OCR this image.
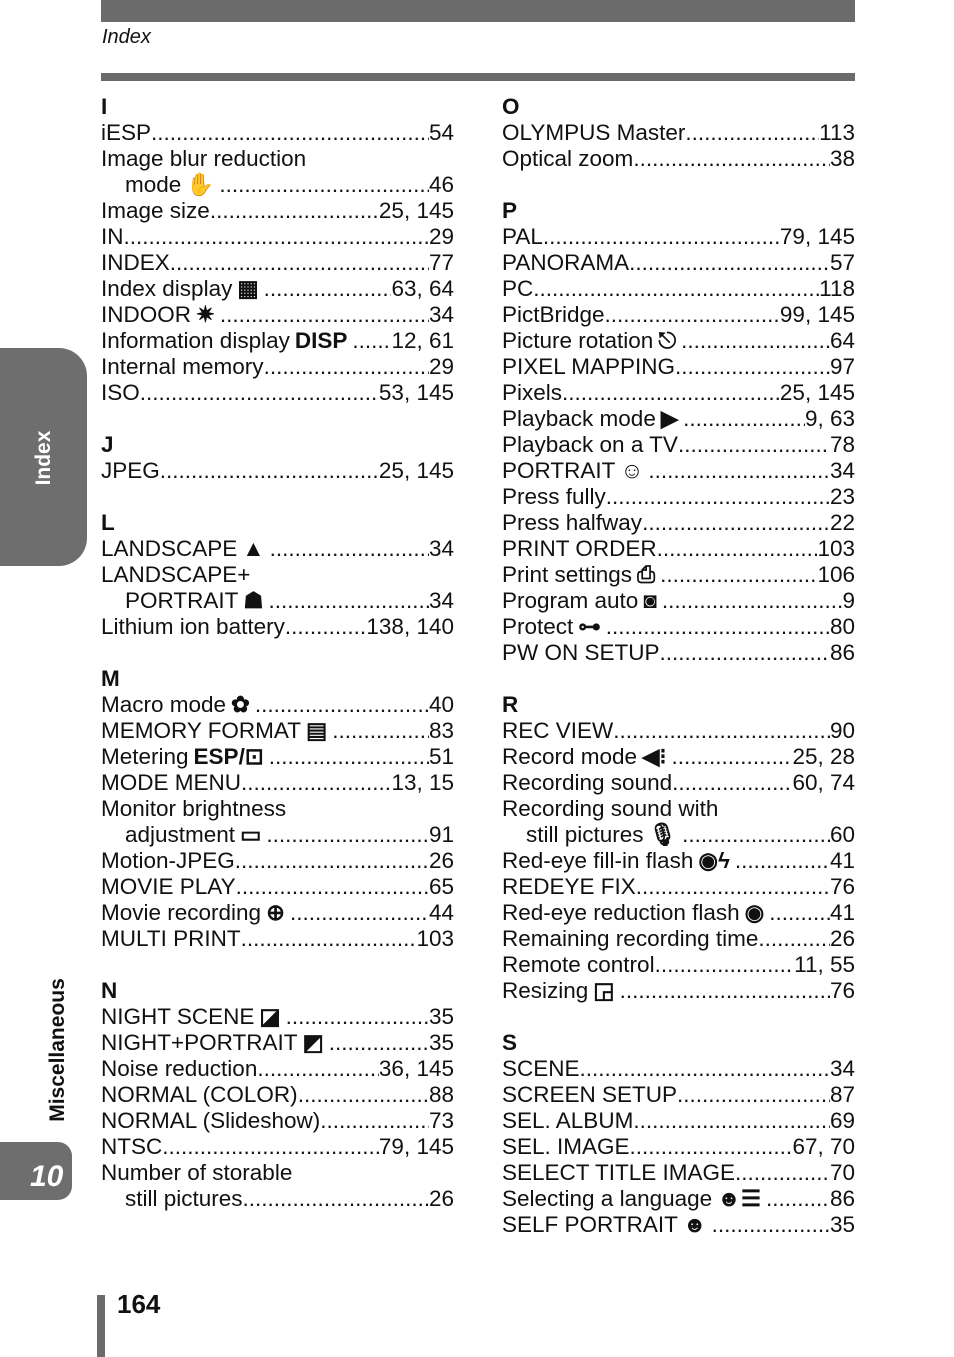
Index
I
iESP .....	54
Image blur reduction
mode ✋ .....	46
Image size .....	25, 145
IN .....	29
INDEX .....	77
Index display ▦ .....	63, 64
INDOOR ✷ .....	34
Information display DISP ..... 12, 61
Internal memory .....	29
ISO .....	53, 145
J
JPEG .....	25, 145
L
LANDSCAPE ▲ .....	34
LANDSCAPE+
PORTRAIT ☗ .....	34
Lithium ion battery .....	138, 140
M
Macro mode ✿ .....	40
MEMORY FORMAT ▤ .....	83
Metering ESP/⊡ .....	51
MODE MENU .....	13, 15
Monitor brightness
adjustment ▭ .....	91
Motion-JPEG .....	26
MOVIE PLAY .....	65
Movie recording ⊕ .....	44
MULTI PRINT .....	103
N
NIGHT SCENE ◪ .....	35
NIGHT+PORTRAIT ◩ .....	35
Noise reduction .....	36, 145
NORMAL (COLOR) .....	88
NORMAL (Slideshow) .....	73
NTSC .....	79, 145
Number of storable
still pictures .....	26
O
OLYMPUS Master .....	113
Optical zoom .....	38
P
PAL .....	79, 145
PANORAMA .....	57
PC .....	118
PictBridge .....	99, 145
Picture rotation ⎋ .....	64
PIXEL MAPPING .....	97
Pixels .....	25, 145
Playback mode ▶ .....	9, 63
Playback on a TV .....	78
PORTRAIT ☺ .....	34
Press fully .....	23
Press halfway .....	22
PRINT ORDER .....	103
Print settings ⎙ .....	106
Program auto ◙ .....	9
Protect ⊶ .....	80
PW ON SETUP .....	86
R
REC VIEW .....	90
Record mode ◀⁝ .....	25, 28
Recording sound .....	60, 74
Recording sound with
still pictures 🎙 .....	60
Red-eye fill-in flash ◉ϟ .....	41
REDEYE FIX .....	76
Red-eye reduction flash ◉ .....	41
Remaining recording time .....	26
Remote control .....	11, 55
Resizing ◲ .....	76
S
SCENE .....	34
SCREEN SETUP .....	87
SEL. ALBUM .....	69
SEL. IMAGE .....	67, 70
SELECT TITLE IMAGE .....	70
Selecting a language ☻☰ .....	86
SELF PORTRAIT ☻ .....	35
Index
Miscellaneous
10
164
